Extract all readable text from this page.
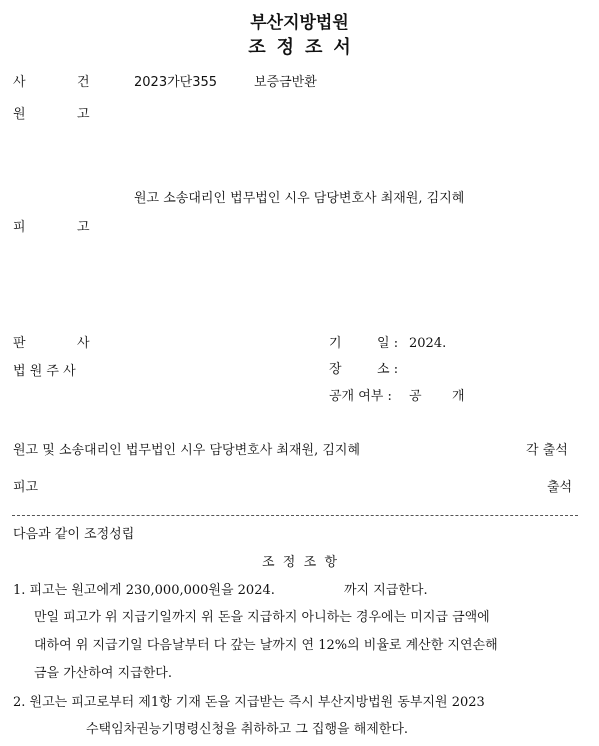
부산지방법원
조정조서
사	건	2023가단355	보증금반환
원	고
원고 소송대리인 법무법인 시우 담당변호사 최재원, 김지혜
피	고
판	사
법 원 주 사
기	일 : 2024.
장	소 :
공개 여부 : 공 개
원고 및 소송대리인 법무법인 시우 담당변호사 최재원, 김지혜	각 출석
피고	출석
다음과 같이 조정성립
조  정  조  항
1. 피고는 원고에게 230,000,000원을 2024.	까지 지급한다.
만일 피고가 위 지급기일까지 위 돈을 지급하지 아니하는 경우에는 미지급 금액에
대하여 위 지급기일 다음날부터 다 갚는 날까지 연 12%의 비율로 계산한 지연손해
금을 가산하여 지급한다.
2. 원고는 피고로부터 제1항 기재 돈을 지급받는 즉시 부산지방법원 동부지원 2023
수택임차권능기명령신청을 취하하고 그 집행을 해제한다.
